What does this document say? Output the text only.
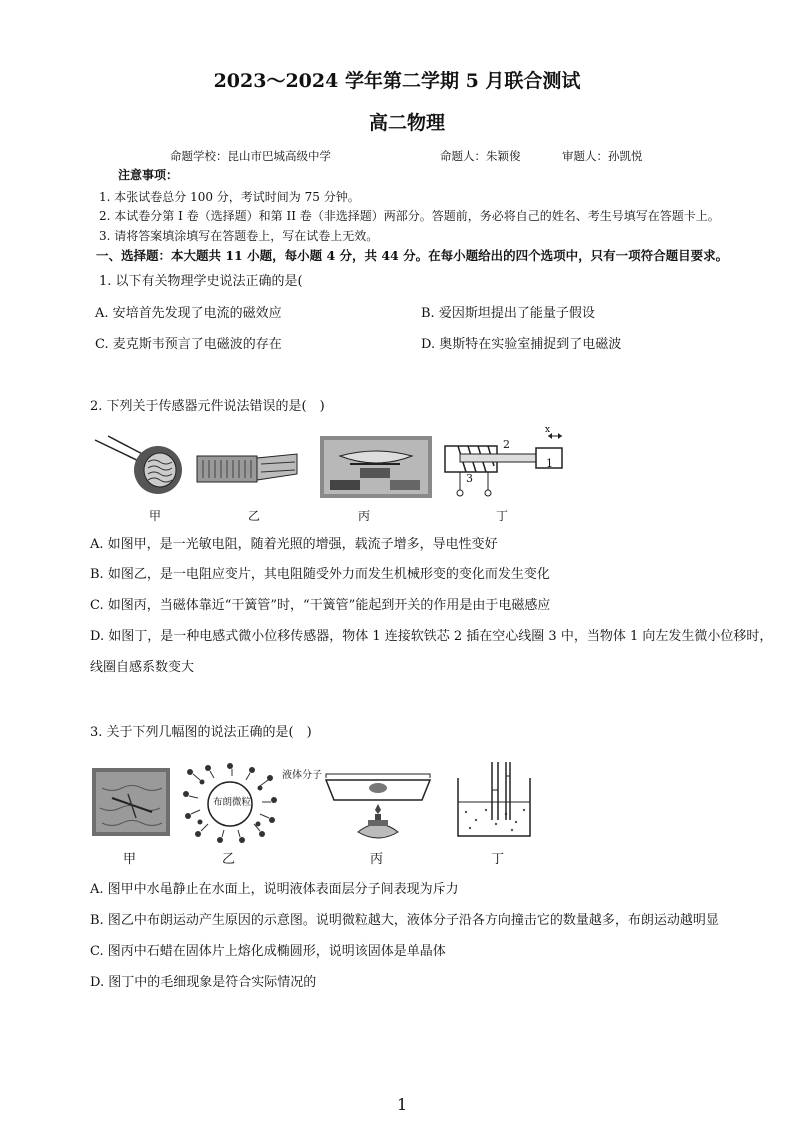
2023～2024 学年第二学期 5 月联合测试
高二物理
命题学校：昆山市巴城高级中学	命题人：朱颖俊	审题人：孙凯悦
注意事项：
1. 本张试卷总分 100 分，考试时间为 75 分钟。
2. 本试卷分第 I 卷（选择题）和第 II 卷（非选择题）两部分。答题前，务必将自己的姓名、考生号填写在答题卡上。
3. 请将答案填涂填写在答题卷上，写在试卷上无效。
一、选择题：本大题共 11 小题，每小题 4 分，共 44 分。在每小题给出的四个选项中，只有一项符合题目要求。
1. 以下有关物理学史说法正确的是(
A. 安培首先发现了电流的磁效应	B. 爱因斯坦提出了能量子假设
C. 麦克斯韦预言了电磁波的存在	D. 奥斯特在实验室捕捉到了电磁波
2. 下列关于传感器元件说法错误的是(　)
甲	乙	丙
2
x
3
1
丁
A. 如图甲，是一光敏电阻，随着光照的增强，载流子增多，导电性变好
B. 如图乙，是一电阻应变片，其电阻随受外力而发生机械形变的变化而发生变化
C. 如图丙，当磁体靠近“干簧管”时，“干簧管”能起到开关的作用是由于电磁感应
D. 如图丁，是一种电感式微小位移传感器，物体 1 连接软铁芯 2 插在空心线圈 3 中，当物体 1 向左发生微小位移时，
线圈自感系数变大
3. 关于下列几幅图的说法正确的是(　)
甲
布朗微粒
液体分子
乙	丙	丁
A. 图甲中水黾静止在水面上，说明液体表面层分子间表现为斥力
B. 图乙中布朗运动产生原因的示意图。说明微粒越大，液体分子沿各方向撞击它的数量越多，布朗运动越明显
C. 图丙中石蜡在固体片上熔化成椭圆形，说明该固体是单晶体
D. 图丁中的毛细现象是符合实际情况的
1
